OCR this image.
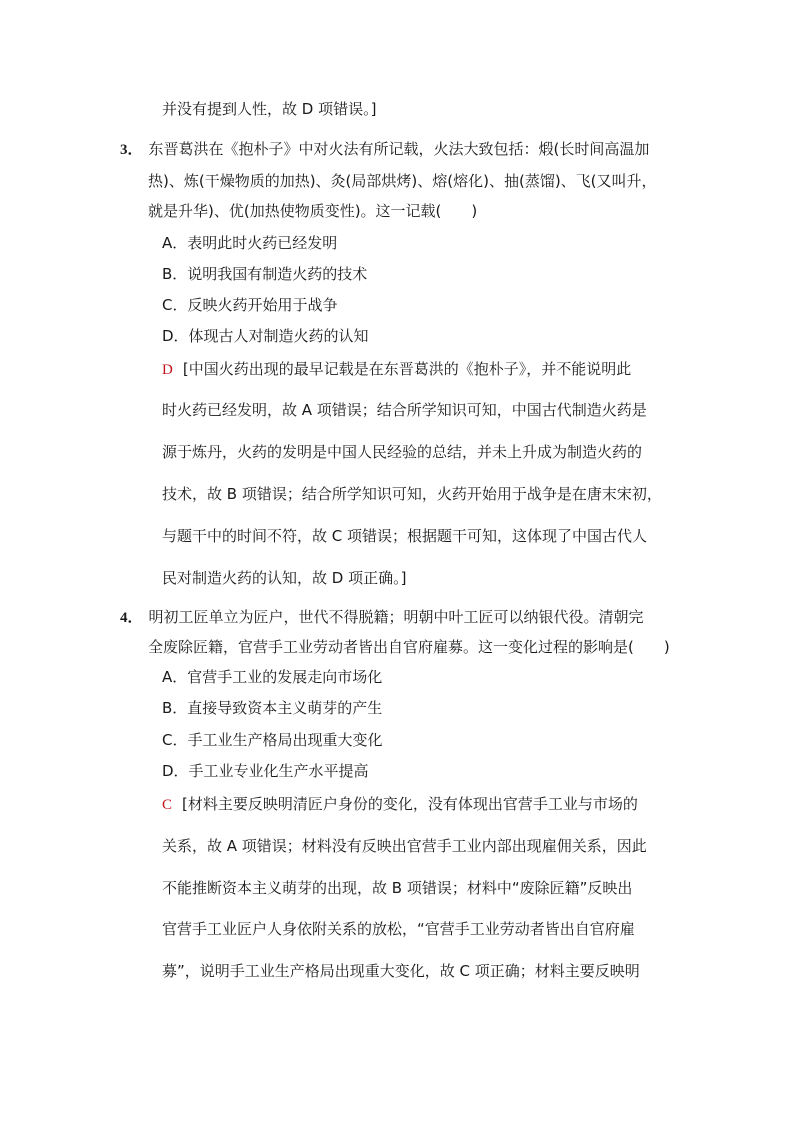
并没有提到人性，故 D 项错误。]
3． 东晋葛洪在《抱朴子》中对火法有所记载，火法大致包括：煅(长时间高温加
热)、炼(干燥物质的加热)、灸(局部烘烤)、熔(熔化)、抽(蒸馏)、飞(又叫升，
就是升华)、优(加热使物质变性)。这一记载(　　)
A．表明此时火药已经发明
B．说明我国有制造火药的技术
C．反映火药开始用于战争
D．体现古人对制造火药的认知
D [中国火药出现的最早记载是在东晋葛洪的《抱朴子》，并不能说明此
时火药已经发明，故 A 项错误；结合所学知识可知，中国古代制造火药是
源于炼丹，火药的发明是中国人民经验的总结，并未上升成为制造火药的
技术，故 B 项错误；结合所学知识可知，火药开始用于战争是在唐末宋初，
与题干中的时间不符，故 C 项错误；根据题干可知，这体现了中国古代人
民对制造火药的认知，故 D 项正确。]
4． 明初工匠单立为匠户，世代不得脱籍；明朝中叶工匠可以纳银代役。清朝完
全废除匠籍，官营手工业劳动者皆出自官府雇募。这一变化过程的影响是(　　)
A．官营手工业的发展走向市场化
B．直接导致资本主义萌芽的产生
C．手工业生产格局出现重大变化
D．手工业专业化生产水平提高
C [材料主要反映明清匠户身份的变化，没有体现出官营手工业与市场的
关系，故 A 项错误；材料没有反映出官营手工业内部出现雇佣关系，因此
不能推断资本主义萌芽的出现，故 B 项错误；材料中“废除匠籍”反映出
官营手工业匠户人身依附关系的放松，“官营手工业劳动者皆出自官府雇
募”，说明手工业生产格局出现重大变化，故 C 项正确；材料主要反映明
